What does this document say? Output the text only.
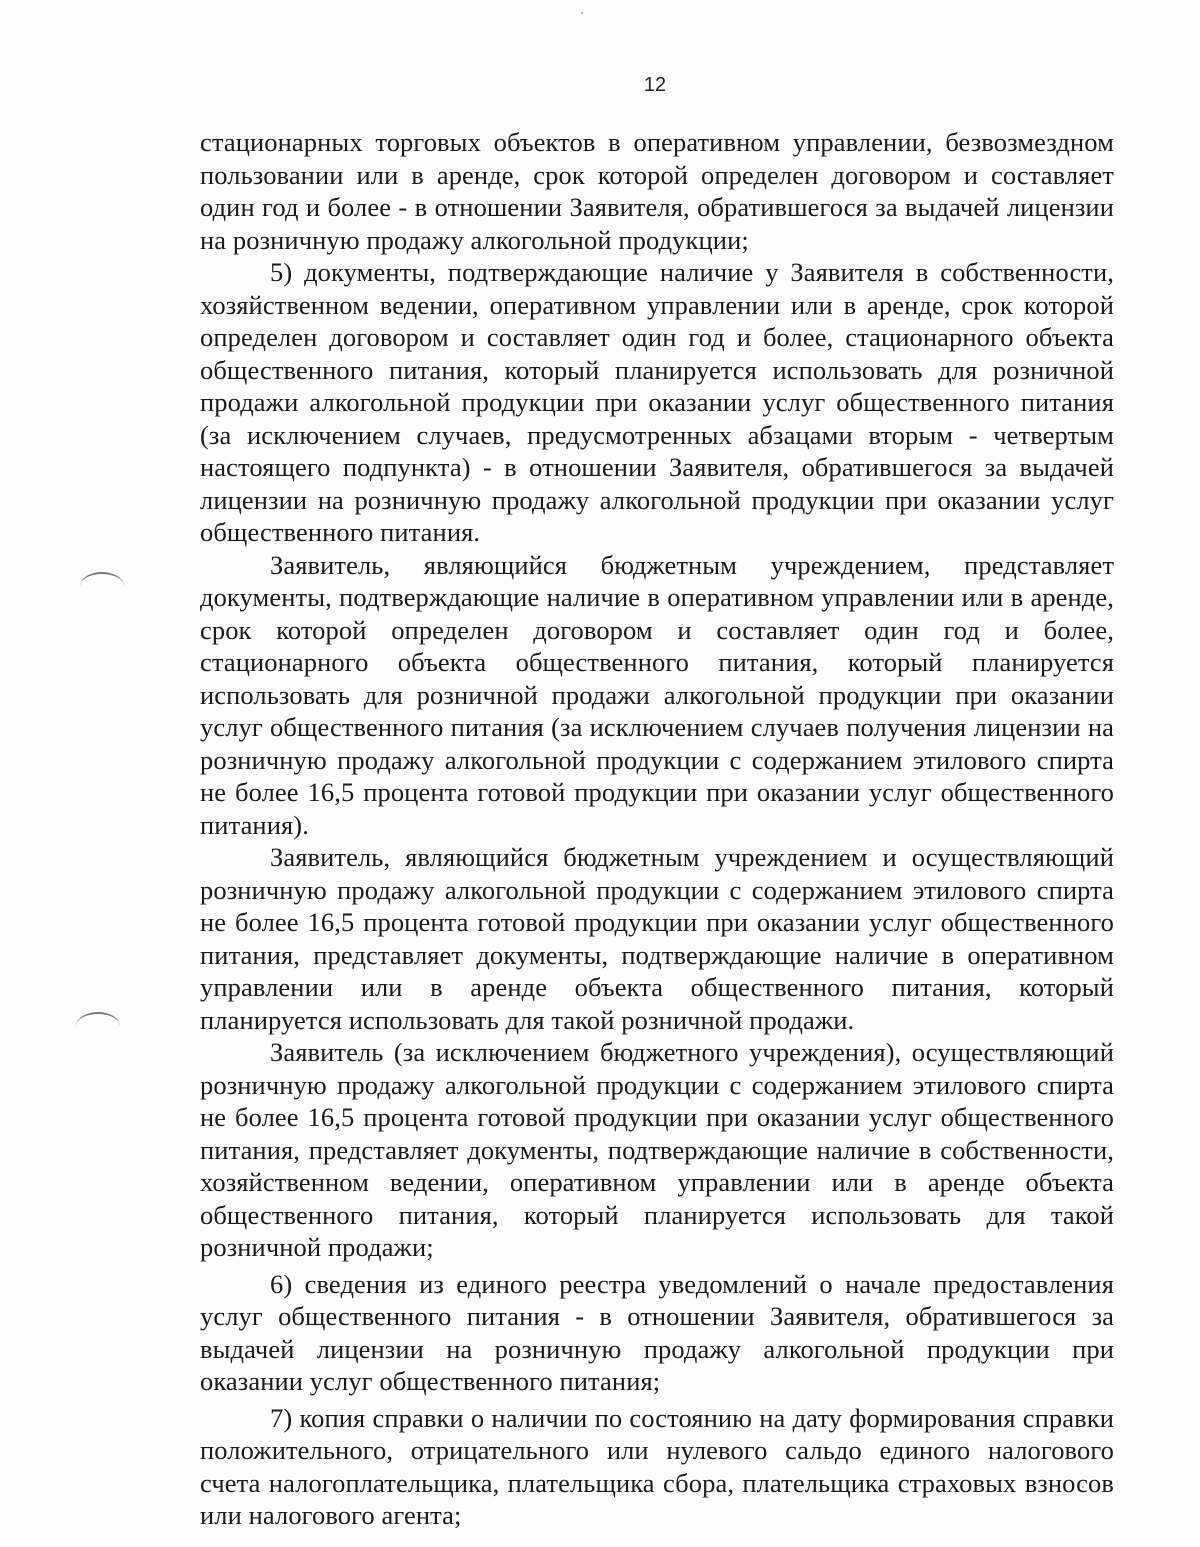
12

стационарных торговых объектов в оперативном управлении, безвозмездном пользовании или в аренде, срок которой определен договором и составляет один год и более - в отношении Заявителя, обратившегося за выдачей лицензии на розничную продажу алкогольной продукции;

5) документы, подтверждающие наличие у Заявителя в собственности, хозяйственном ведении, оперативном управлении или в аренде, срок которой определен договором и составляет один год и более, стационарного объекта общественного питания, который планируется использовать для розничной продажи алкогольной продукции при оказании услуг общественного питания (за исключением случаев, предусмотренных абзацами вторым - четвертым настоящего подпункта) - в отношении Заявителя, обратившегося за выдачей лицензии на розничную продажу алкогольной продукции при оказании услуг общественного питания.

Заявитель, являющийся бюджетным учреждением, представляет документы, подтверждающие наличие в оперативном управлении или в аренде, срок которой определен договором и составляет один год и более, стационарного объекта общественного питания, который планируется использовать для розничной продажи алкогольной продукции при оказании услуг общественного питания (за исключением случаев получения лицензии на розничную продажу алкогольной продукции с содержанием этилового спирта не более 16,5 процента готовой продукции при оказании услуг общественного питания).

Заявитель, являющийся бюджетным учреждением и осуществляющий розничную продажу алкогольной продукции с содержанием этилового спирта не более 16,5 процента готовой продукции при оказании услуг общественного питания, представляет документы, подтверждающие наличие в оперативном управлении или в аренде объекта общественного питания, который планируется использовать для такой розничной продажи.

Заявитель (за исключением бюджетного учреждения), осуществляющий розничную продажу алкогольной продукции с содержанием этилового спирта не более 16,5 процента готовой продукции при оказании услуг общественного питания, представляет документы, подтверждающие наличие в собственности, хозяйственном ведении, оперативном управлении или в аренде объекта общественного питания, который планируется использовать для такой розничной продажи;

6) сведения из единого реестра уведомлений о начале предоставления услуг общественного питания - в отношении Заявителя, обратившегося за выдачей лицензии на розничную продажу алкогольной продукции при оказании услуг общественного питания;

7) копия справки о наличии по состоянию на дату формирования справки положительного, отрицательного или нулевого сальдо единого налогового счета налогоплательщика, плательщика сбора, плательщика страховых взносов или налогового агента;
